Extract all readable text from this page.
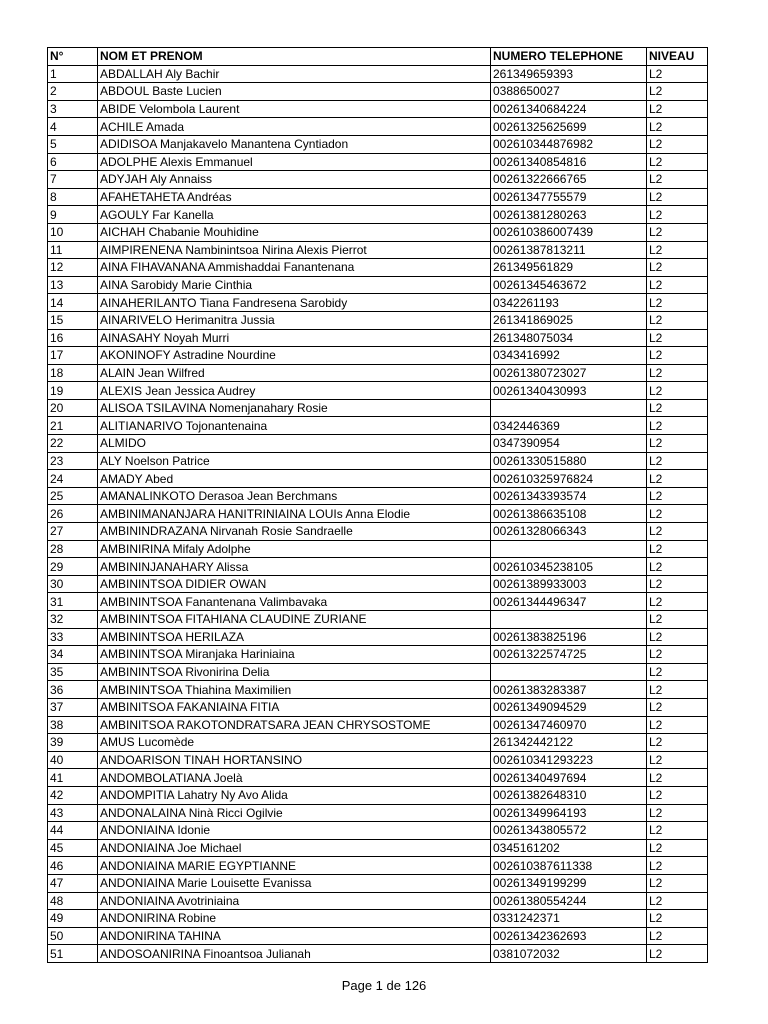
N°	NOM ET PRENOM	NUMERO TELEPHONE	NIVEAU
1	ABDALLAH Aly Bachir	261349659393	L2
2	ABDOUL Baste Lucien	0388650027	L2
3	ABIDE Velombola Laurent	00261340684224	L2
4	ACHILE Amada	00261325625699	L2
5	ADIDISOA Manjakavelo Manantena Cyntiadon	002610344876982	L2
6	ADOLPHE Alexis Emmanuel	00261340854816	L2
7	ADYJAH Aly Annaiss	00261322666765	L2
8	AFAHETAHETA Andréas	00261347755579	L2
9	AGOULY Far Kanella	00261381280263	L2
10	AICHAH Chabanie Mouhidine	002610386007439	L2
11	AIMPIRENENA Nambinintsoa Nirina Alexis Pierrot	00261387813211	L2
12	AINA FIHAVANANA Ammishaddai Fanantenana	261349561829	L2
13	AINA Sarobidy Marie Cinthia	00261345463672	L2
14	AINAHERILANTO Tiana Fandresena Sarobidy	0342261193	L2
15	AINARIVELO Herimanitra Jussia	261341869025	L2
16	AINASAHY Noyah Murri	261348075034	L2
17	AKONINOFY Astradine Nourdine	0343416992	L2
18	ALAIN Jean Wilfred	00261380723027	L2
19	ALEXIS Jean Jessica Audrey	00261340430993	L2
20	ALISOA TSILAVINA Nomenjanahary Rosie		L2
21	ALITIANARIVO Tojonantenaina	0342446369	L2
22	ALMIDO	0347390954	L2
23	ALY Noelson Patrice	00261330515880	L2
24	AMADY Abed	002610325976824	L2
25	AMANALINKOTO Derasoa Jean Berchmans	00261343393574	L2
26	AMBINIMANANJARA HANITRINIAINA LOUIs Anna Elodie	00261386635108	L2
27	AMBININDRAZANA Nirvanah Rosie Sandraelle	00261328066343	L2
28	AMBINIRINA Mifaly Adolphe		L2
29	AMBININJANAHARY Alissa	002610345238105	L2
30	AMBININTSOA DIDIER OWAN	00261389933003	L2
31	AMBININTSOA Fanantenana Valimbavaka	00261344496347	L2
32	AMBININTSOA FITAHIANA CLAUDINE ZURIANE		L2
33	AMBININTSOA HERILAZA	00261383825196	L2
34	AMBININTSOA Miranjaka Hariniaina	00261322574725	L2
35	AMBININTSOA Rivonirina Delia		L2
36	AMBININTSOA Thiahina Maximilien	00261383283387	L2
37	AMBINITSOA FAKANIAINA FITIA	00261349094529	L2
38	AMBINITSOA RAKOTONDRATSARA JEAN CHRYSOSTOME	00261347460970	L2
39	AMUS Lucomède	261342442122	L2
40	ANDOARISON TINAH HORTANSINO	002610341293223	L2
41	ANDOMBOLATIANA Joelà	00261340497694	L2
42	ANDOMPITIA Lahatry Ny Avo Alida	00261382648310	L2
43	ANDONALAINA Ninà Ricci Ogilvie	00261349964193	L2
44	ANDONIAINA Idonie	00261343805572	L2
45	ANDONIAINA Joe Michael	0345161202	L2
46	ANDONIAINA MARIE EGYPTIANNE	002610387611338	L2
47	ANDONIAINA Marie Louisette Evanissa	00261349199299	L2
48	ANDONIAINA Avotriniaina	00261380554244	L2
49	ANDONIRINA Robine	0331242371	L2
50	ANDONIRINA TAHINA	00261342362693	L2
51	ANDOSOANIRINA Finoantsoa Julianah	0381072032	L2
Page 1 de 126
